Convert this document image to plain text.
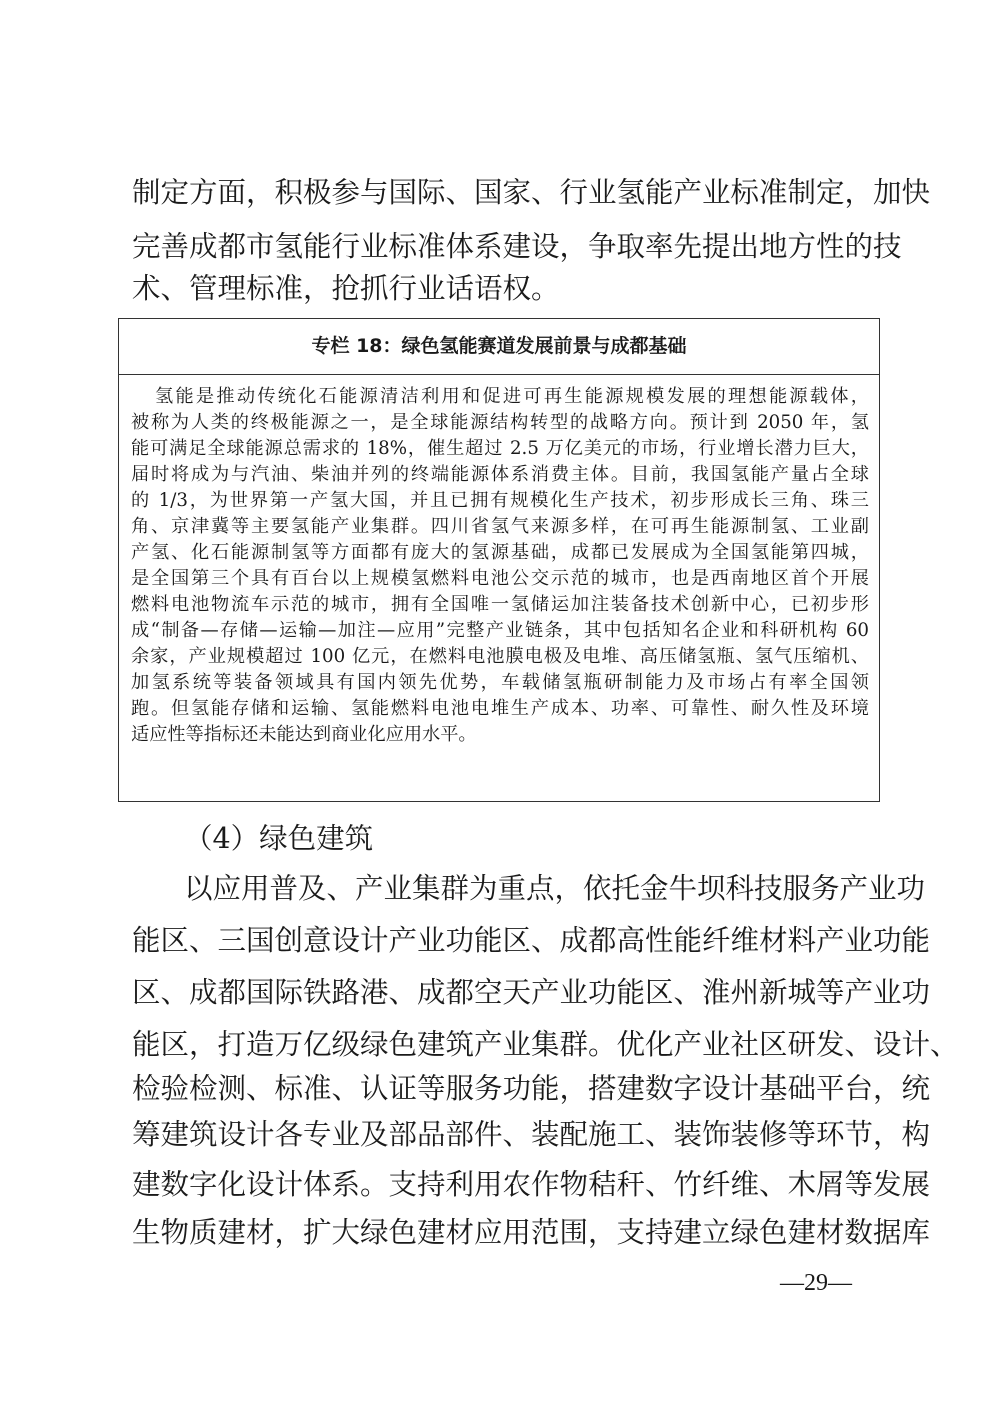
制定方面，积极参与国际、国家、行业氢能产业标准制定，加快
完善成都市氢能行业标准体系建设，争取率先提出地方性的技
术、管理标准，抢抓行业话语权。
专栏 18：绿色氢能赛道发展前景与成都基础
氢能是推动传统化石能源清洁利用和促进可再生能源规模发展的理想能源载体，
被称为人类的终极能源之一，是全球能源结构转型的战略方向。预计到 2050 年，氢
能可满足全球能源总需求的 18%，催生超过 2.5 万亿美元的市场，行业增长潜力巨大，
届时将成为与汽油、柴油并列的终端能源体系消费主体。目前，我国氢能产量占全球
的 1/3，为世界第一产氢大国，并且已拥有规模化生产技术，初步形成长三角、珠三
角、京津冀等主要氢能产业集群。四川省氢气来源多样，在可再生能源制氢、工业副
产氢、化石能源制氢等方面都有庞大的氢源基础，成都已发展成为全国氢能第四城，
是全国第三个具有百台以上规模氢燃料电池公交示范的城市，也是西南地区首个开展
燃料电池物流车示范的城市，拥有全国唯一氢储运加注装备技术创新中心，已初步形
成“制备—存储—运输—加注—应用”完整产业链条，其中包括知名企业和科研机构 60
余家，产业规模超过 100 亿元，在燃料电池膜电极及电堆、高压储氢瓶、氢气压缩机、
加氢系统等装备领域具有国内领先优势，车载储氢瓶研制能力及市场占有率全国领
跑。但氢能存储和运输、氢能燃料电池电堆生产成本、功率、可靠性、耐久性及环境
适应性等指标还未能达到商业化应用水平。
（4）绿色建筑
以应用普及、产业集群为重点，依托金牛坝科技服务产业功
能区、三国创意设计产业功能区、成都高性能纤维材料产业功能
区、成都国际铁路港、成都空天产业功能区、淮州新城等产业功
能区，打造万亿级绿色建筑产业集群。优化产业社区研发、设计、
检验检测、标准、认证等服务功能，搭建数字设计基础平台，统
筹建筑设计各专业及部品部件、装配施工、装饰装修等环节，构
建数字化设计体系。支持利用农作物秸秆、竹纤维、木屑等发展
生物质建材，扩大绿色建材应用范围，支持建立绿色建材数据库
—29—
